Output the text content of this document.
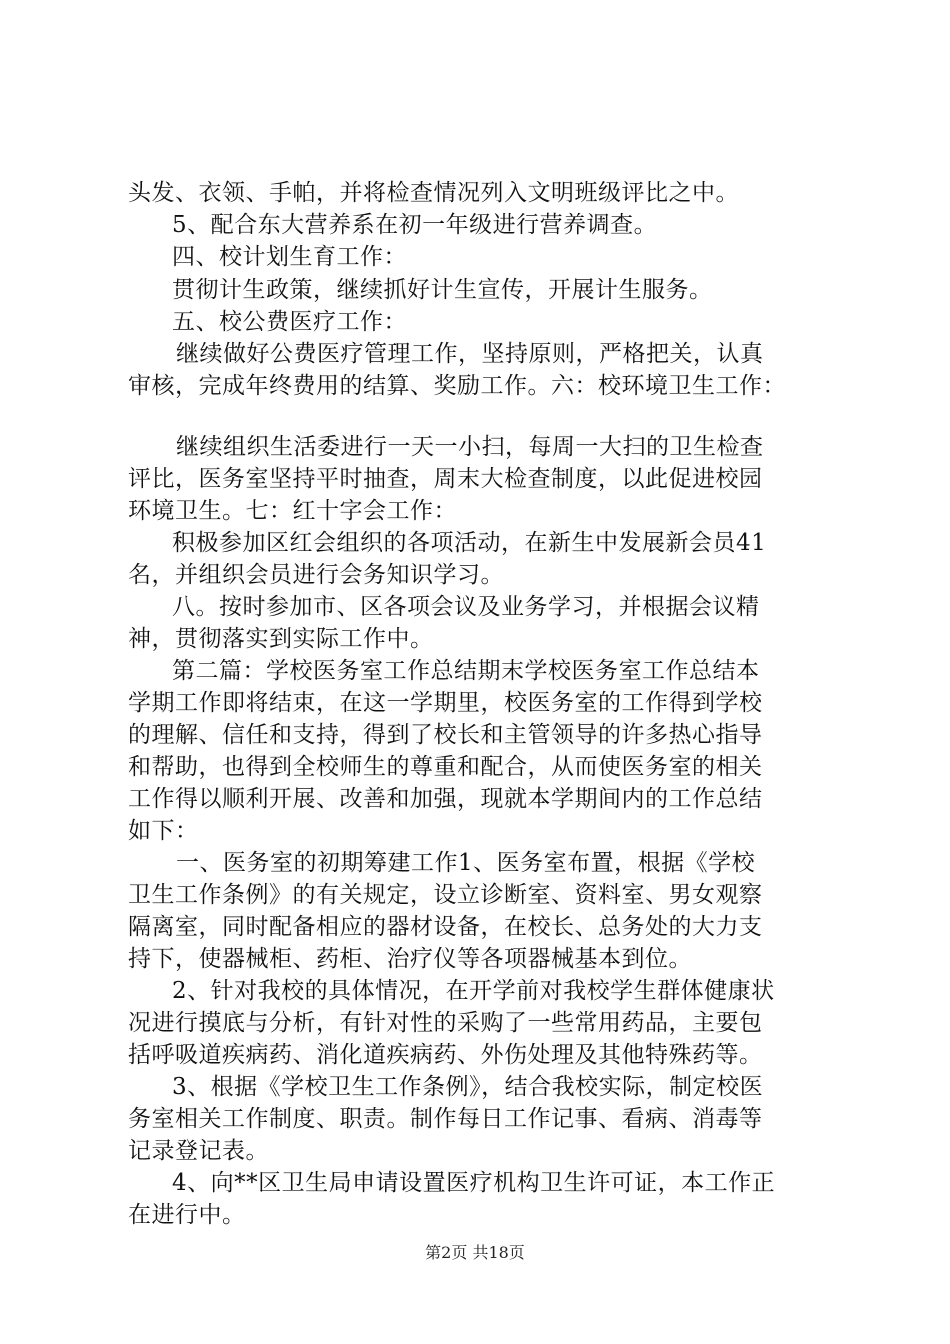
头发、衣领、手帕，并将检查情况列入文明班级评比之中。
5、配合东大营养系在初一年级进行营养调查。
四、校计划生育工作：
贯彻计生政策，继续抓好计生宣传，开展计生服务。
五、校公费医疗工作：
继续做好公费医疗管理工作，坚持原则，严格把关，认真
审核，完成年终费用的结算、奖励工作。六：校环境卫生工作：
继续组织生活委进行一天一小扫，每周一大扫的卫生检查
评比，医务室坚持平时抽查，周末大检查制度，以此促进校园
环境卫生。七：红十字会工作：
积极参加区红会组织的各项活动，在新生中发展新会员41
名，并组织会员进行会务知识学习。
八。按时参加市、区各项会议及业务学习，并根据会议精
神，贯彻落实到实际工作中。
第二篇：学校医务室工作总结期末学校医务室工作总结本
学期工作即将结束，在这一学期里，校医务室的工作得到学校
的理解、信任和支持，得到了校长和主管领导的许多热心指导
和帮助，也得到全校师生的尊重和配合，从而使医务室的相关
工作得以顺利开展、改善和加强，现就本学期间内的工作总结
如下：
一、医务室的初期筹建工作1、医务室布置，根据《学校
卫生工作条例》的有关规定，设立诊断室、资料室、男女观察
隔离室，同时配备相应的器材设备，在校长、总务处的大力支
持下，使器械柜、药柜、治疗仪等各项器械基本到位。
2、针对我校的具体情况，在开学前对我校学生群体健康状
况进行摸底与分析，有针对性的采购了一些常用药品，主要包
括呼吸道疾病药、消化道疾病药、外伤处理及其他特殊药等。
3、根据《学校卫生工作条例》，结合我校实际，制定校医
务室相关工作制度、职责。制作每日工作记事、看病、消毒等
记录登记表。
4、向**区卫生局申请设置医疗机构卫生许可证，本工作正
在进行中。
第2页 共18页
